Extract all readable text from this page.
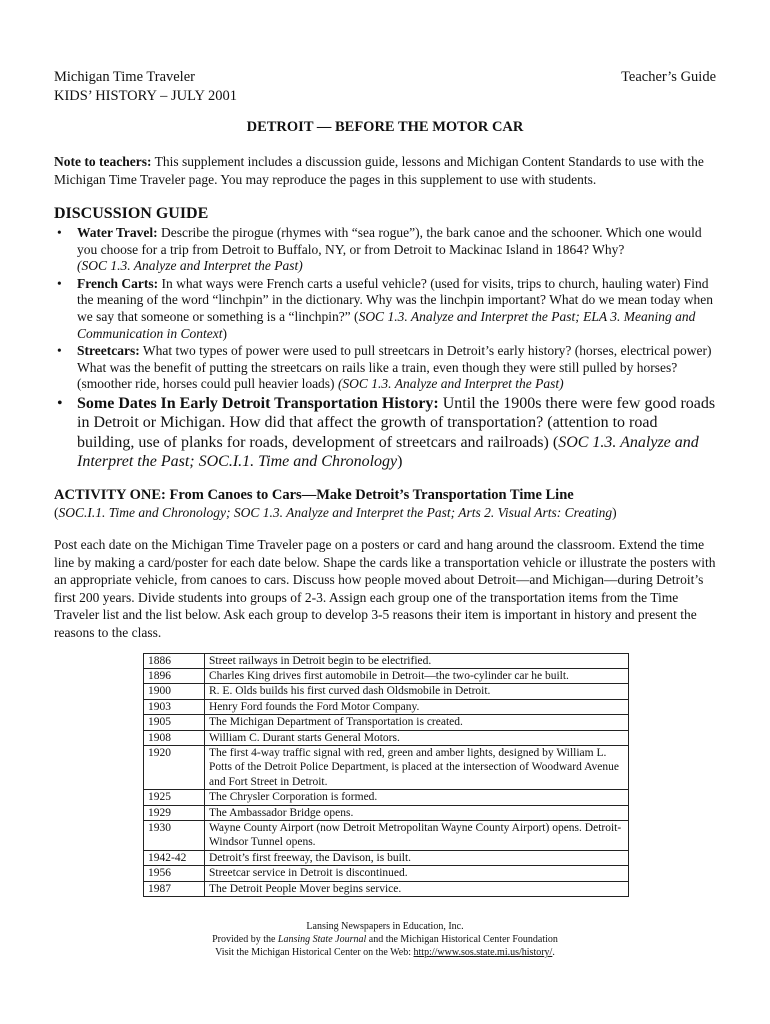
Michigan Time Traveler	Teacher’s Guide
KIDS’ HISTORY – JULY 2001
DETROIT — BEFORE THE MOTOR CAR
Note to teachers: This supplement includes a discussion guide, lessons and Michigan Content Standards to use with the Michigan Time Traveler page. You may reproduce the pages in this supplement to use with students.
DISCUSSION GUIDE
• Water Travel: Describe the pirogue (rhymes with “sea rogue”), the bark canoe and the schooner. Which one would you choose for a trip from Detroit to Buffalo, NY, or from Detroit to Mackinac Island in 1864? Why?
(SOC 1.3. Analyze and Interpret the Past)
• French Carts: In what ways were French carts a useful vehicle? (used for visits, trips to church, hauling water) Find the meaning of the word “linchpin” in the dictionary. Why was the linchpin important? What do we mean today when we say that someone or something is a “linchpin?” (SOC 1.3. Analyze and Interpret the Past; ELA 3. Meaning and Communication in Context)
• Streetcars: What two types of power were used to pull streetcars in Detroit’s early history? (horses, electrical power) What was the benefit of putting the streetcars on rails like a train, even though they were still pulled by horses? (smoother ride, horses could pull heavier loads) (SOC 1.3. Analyze and Interpret the Past)
• Some Dates In Early Detroit Transportation History: Until the 1900s there were few good roads in Detroit or Michigan. How did that affect the growth of transportation? (attention to road building, use of planks for roads, development of streetcars and railroads) (SOC 1.3. Analyze and Interpret the Past; SOC.I.1. Time and Chronology)
ACTIVITY ONE: From Canoes to Cars—Make Detroit’s Transportation Time Line
(SOC.I.1. Time and Chronology; SOC 1.3. Analyze and Interpret the Past; Arts 2. Visual Arts: Creating)
Post each date on the Michigan Time Traveler page on a posters or card and hang around the classroom. Extend the time line by making a card/poster for each date below. Shape the cards like a transportation vehicle or illustrate the posters with an appropriate vehicle, from canoes to cars. Discuss how people moved about Detroit—and Michigan—during Detroit’s first 200 years. Divide students into groups of 2-3. Assign each group one of the transportation items from the Time Traveler list and the list below. Ask each group to develop 3-5 reasons their item is important in history and present the reasons to the class.
1886	Street railways in Detroit begin to be electrified.
1896	Charles King drives first automobile in Detroit—the two-cylinder car he built.
1900	R. E. Olds builds his first curved dash Oldsmobile in Detroit.
1903	Henry Ford founds the Ford Motor Company.
1905	The Michigan Department of Transportation is created.
1908	William C. Durant starts General Motors.
1920	The first 4-way traffic signal with red, green and amber lights, designed by William L. Potts of the Detroit Police Department, is placed at the intersection of Woodward Avenue and Fort Street in Detroit.
1925	The Chrysler Corporation is formed.
1929	The Ambassador Bridge opens.
1930	Wayne County Airport (now Detroit Metropolitan Wayne County Airport) opens. Detroit-Windsor Tunnel opens.
1942-42	Detroit’s first freeway, the Davison, is built.
1956	Streetcar service in Detroit is discontinued.
1987	The Detroit People Mover begins service.
Lansing Newspapers in Education, Inc.
Provided by the Lansing State Journal and the Michigan Historical Center Foundation
Visit the Michigan Historical Center on the Web: http://www.sos.state.mi.us/history/.
